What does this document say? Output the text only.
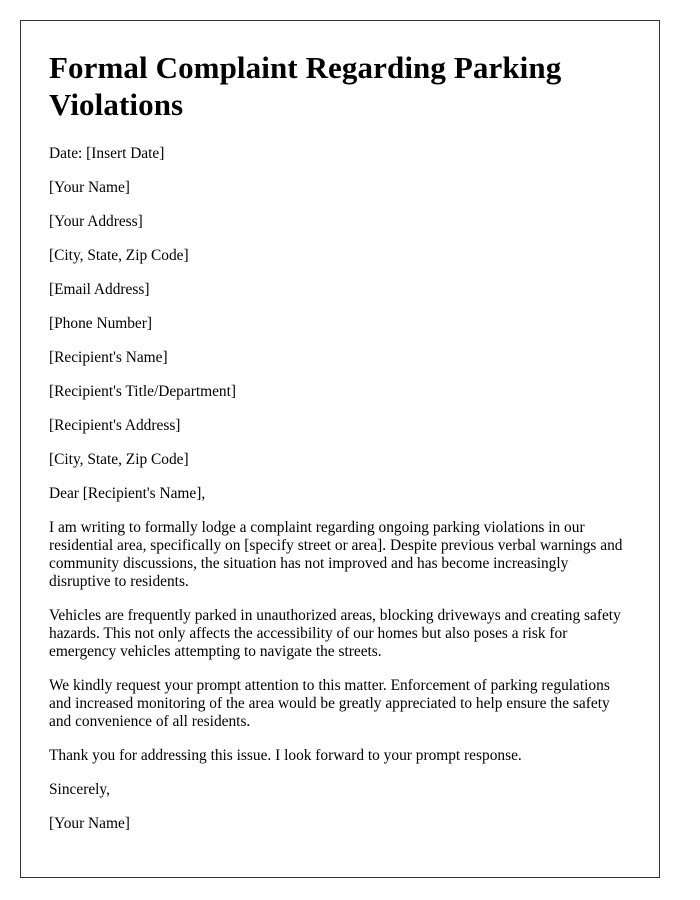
Formal Complaint Regarding Parking Violations

Date: [Insert Date]

[Your Name]

[Your Address]

[City, State, Zip Code]

[Email Address]

[Phone Number]

[Recipient's Name]

[Recipient's Title/Department]

[Recipient's Address]

[City, State, Zip Code]

Dear [Recipient's Name],

I am writing to formally lodge a complaint regarding ongoing parking violations in our residential area, specifically on [specify street or area]. Despite previous verbal warnings and community discussions, the situation has not improved and has become increasingly disruptive to residents.

Vehicles are frequently parked in unauthorized areas, blocking driveways and creating safety hazards. This not only affects the accessibility of our homes but also poses a risk for emergency vehicles attempting to navigate the streets.

We kindly request your prompt attention to this matter. Enforcement of parking regulations and increased monitoring of the area would be greatly appreciated to help ensure the safety and convenience of all residents.

Thank you for addressing this issue. I look forward to your prompt response.

Sincerely,

[Your Name]
